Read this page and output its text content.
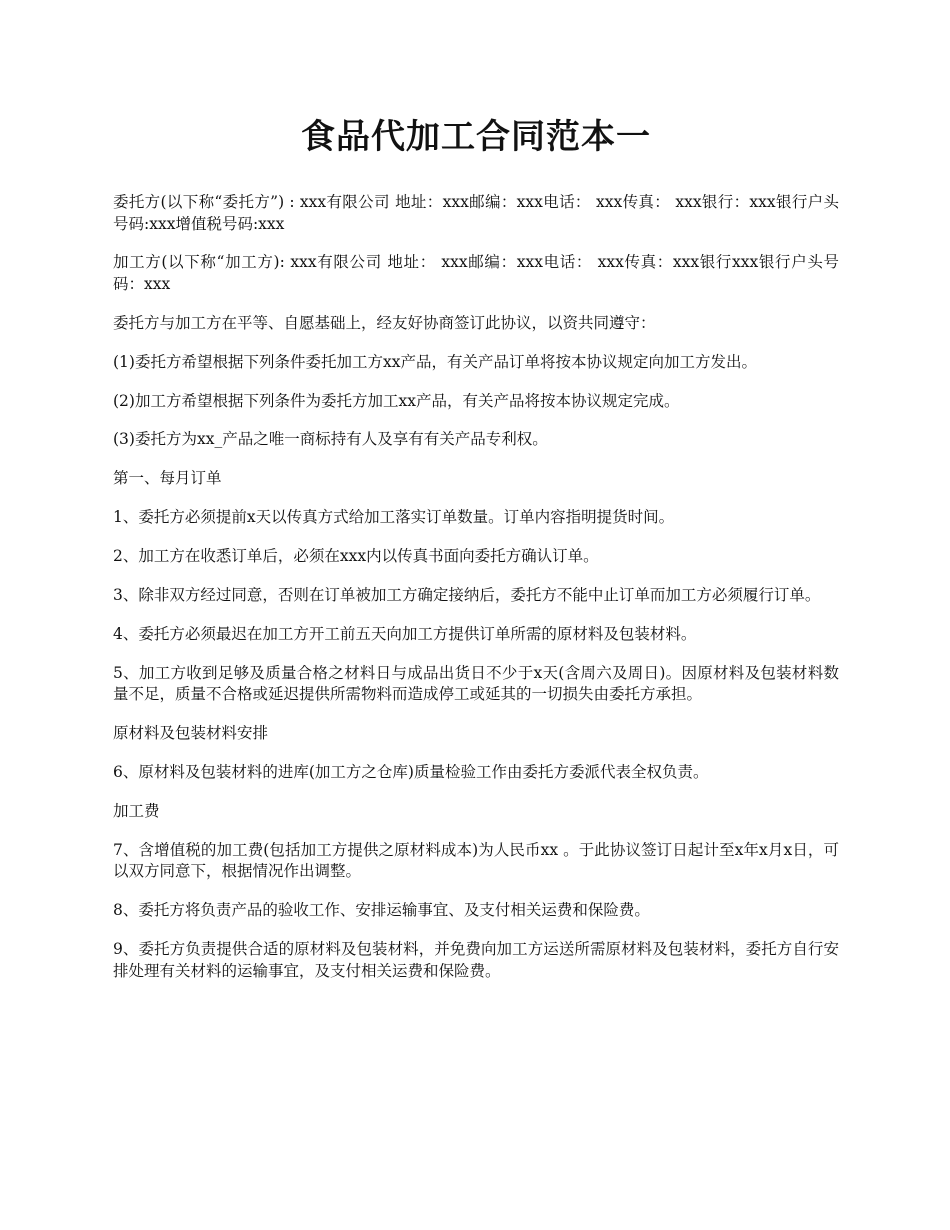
食品代加工合同范本一

委托方(以下称“委托方”) : xxx有限公司 地址：xxx邮编：xxx电话： xxx传真： xxx银行：xxx银行户头号码:xxx增值税号码:xxx

加工方(以下称“加工方): xxx有限公司 地址： xxx邮编：xxx电话： xxx传真：xxx银行xxx银行户头号码：xxx

委托方与加工方在平等、自愿基础上，经友好协商签订此协议，以资共同遵守：

(1)委托方希望根据下列条件委托加工方xx产品，有关产品订单将按本协议规定向加工方发出。

(2)加工方希望根据下列条件为委托方加工xx产品，有关产品将按本协议规定完成。

(3)委托方为xx_产品之唯一商标持有人及享有有关产品专利权。

第一、每月订单

1、委托方必须提前x天以传真方式给加工落实订单数量。订单内容指明提货时间。

2、加工方在收悉订单后，必须在xxx内以传真书面向委托方确认订单。

3、除非双方经过同意，否则在订单被加工方确定接纳后，委托方不能中止订单而加工方必须履行订单。

4、委托方必须最迟在加工方开工前五天向加工方提供订单所需的原材料及包装材料。

5、加工方收到足够及质量合格之材料日与成品出货日不少于x天(含周六及周日)。因原材料及包装材料数量不足，质量不合格或延迟提供所需物料而造成停工或延其的一切损失由委托方承担。

原材料及包装材料安排

6、原材料及包装材料的进库(加工方之仓库)质量检验工作由委托方委派代表全权负责。

加工费

7、含增值税的加工费(包括加工方提供之原材料成本)为人民币xx 。于此协议签订日起计至x年x月x日，可以双方同意下，根据情况作出调整。

8、委托方将负责产品的验收工作、安排运输事宜、及支付相关运费和保险费。

9、委托方负责提供合适的原材料及包装材料，并免费向加工方运送所需原材料及包装材料，委托方自行安排处理有关材料的运输事宜，及支付相关运费和保险费。
